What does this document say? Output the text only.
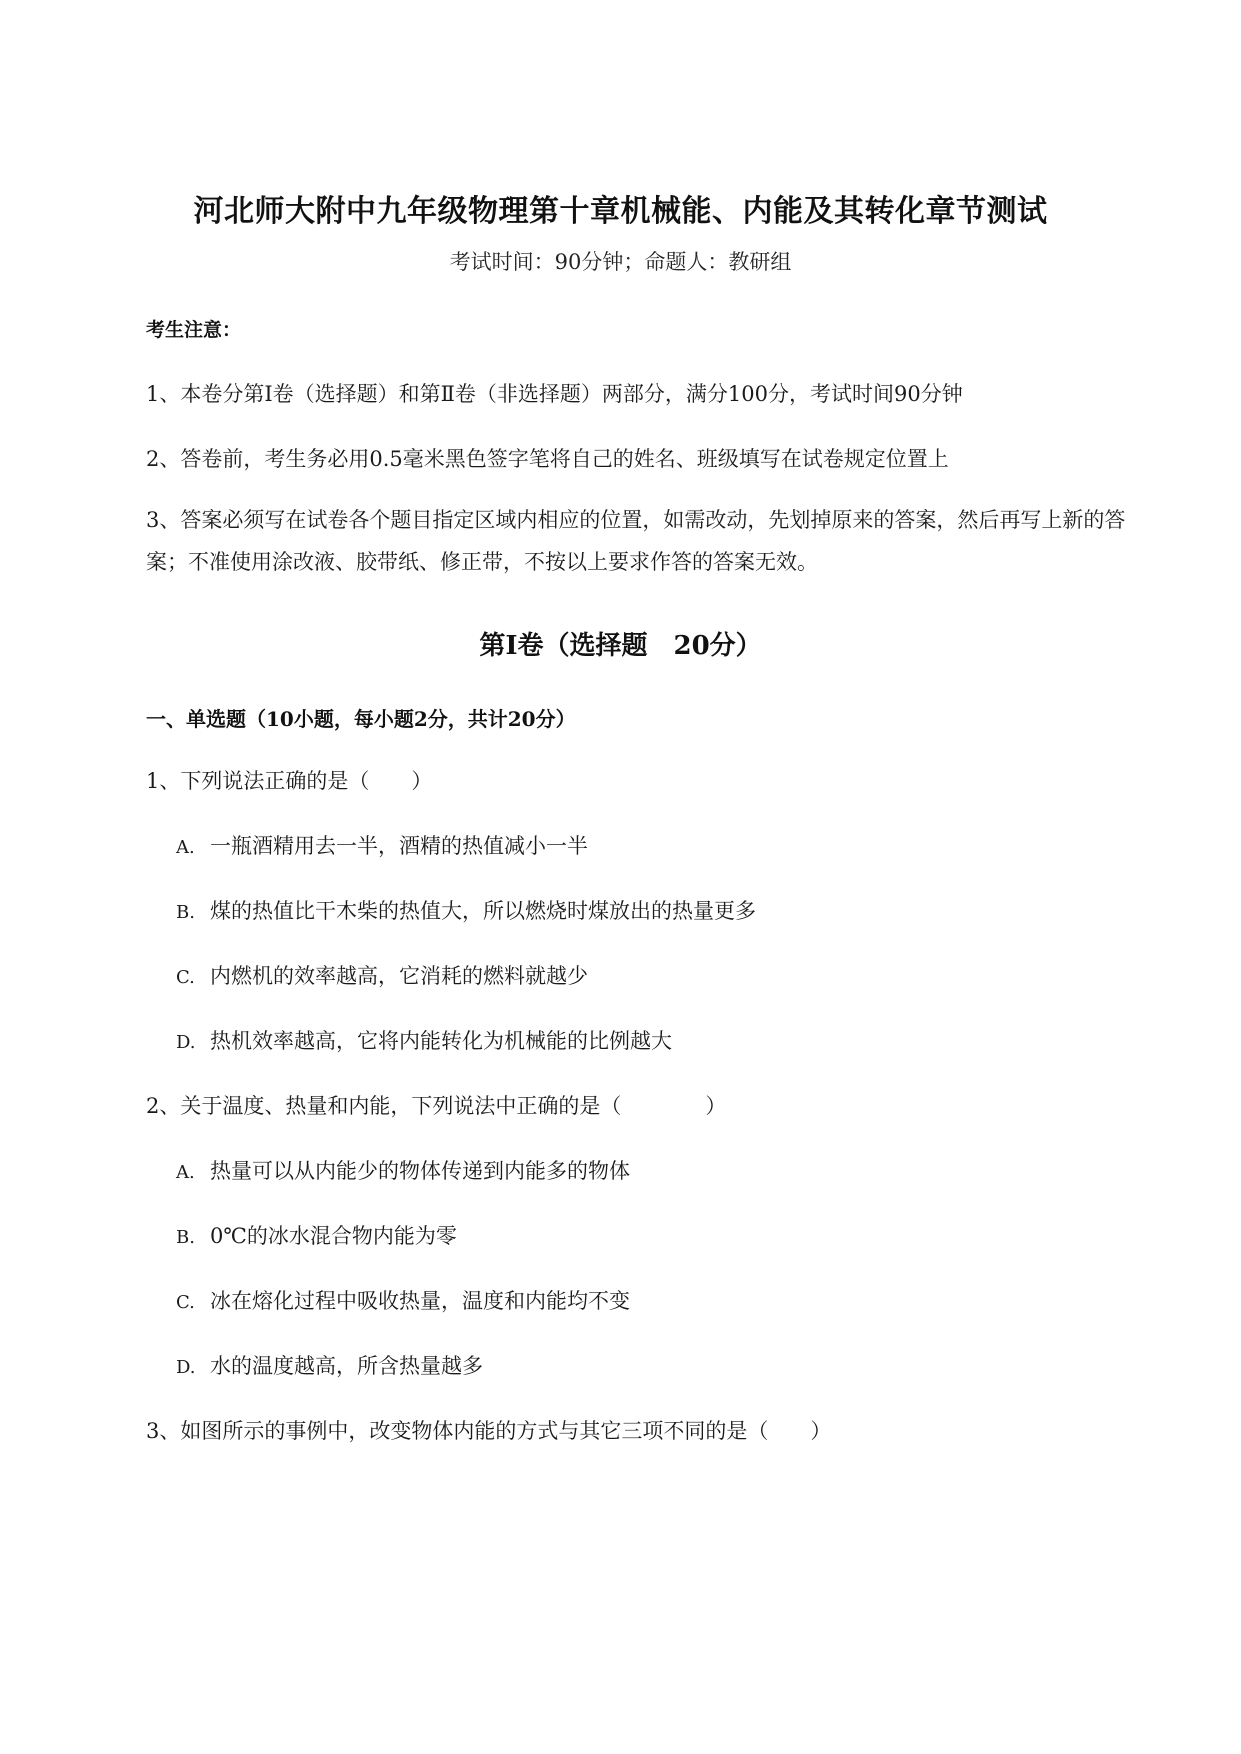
河北师大附中九年级物理第十章机械能、内能及其转化章节测试
考试时间：90分钟；命题人：教研组
考生注意：
1、本卷分第I卷（选择题）和第Ⅱ卷（非选择题）两部分，满分100分，考试时间90分钟
2、答卷前，考生务必用0.5毫米黑色签字笔将自己的姓名、班级填写在试卷规定位置上
3、答案必须写在试卷各个题目指定区域内相应的位置，如需改动，先划掉原来的答案，然后再写上新的答案；不准使用涂改液、胶带纸、修正带，不按以上要求作答的答案无效。
第I卷（选择题　20分）
一、单选题（10小题，每小题2分，共计20分）
1、下列说法正确的是（　　）
A. 一瓶酒精用去一半，酒精的热值减小一半
B. 煤的热值比干木柴的热值大，所以燃烧时煤放出的热量更多
C. 内燃机的效率越高，它消耗的燃料就越少
D. 热机效率越高，它将内能转化为机械能的比例越大
2、关于温度、热量和内能，下列说法中正确的是（　　　　）
A. 热量可以从内能少的物体传递到内能多的物体
B. 0℃的冰水混合物内能为零
C. 冰在熔化过程中吸收热量，温度和内能均不变
D. 水的温度越高，所含热量越多
3、如图所示的事例中，改变物体内能的方式与其它三项不同的是（　　）
